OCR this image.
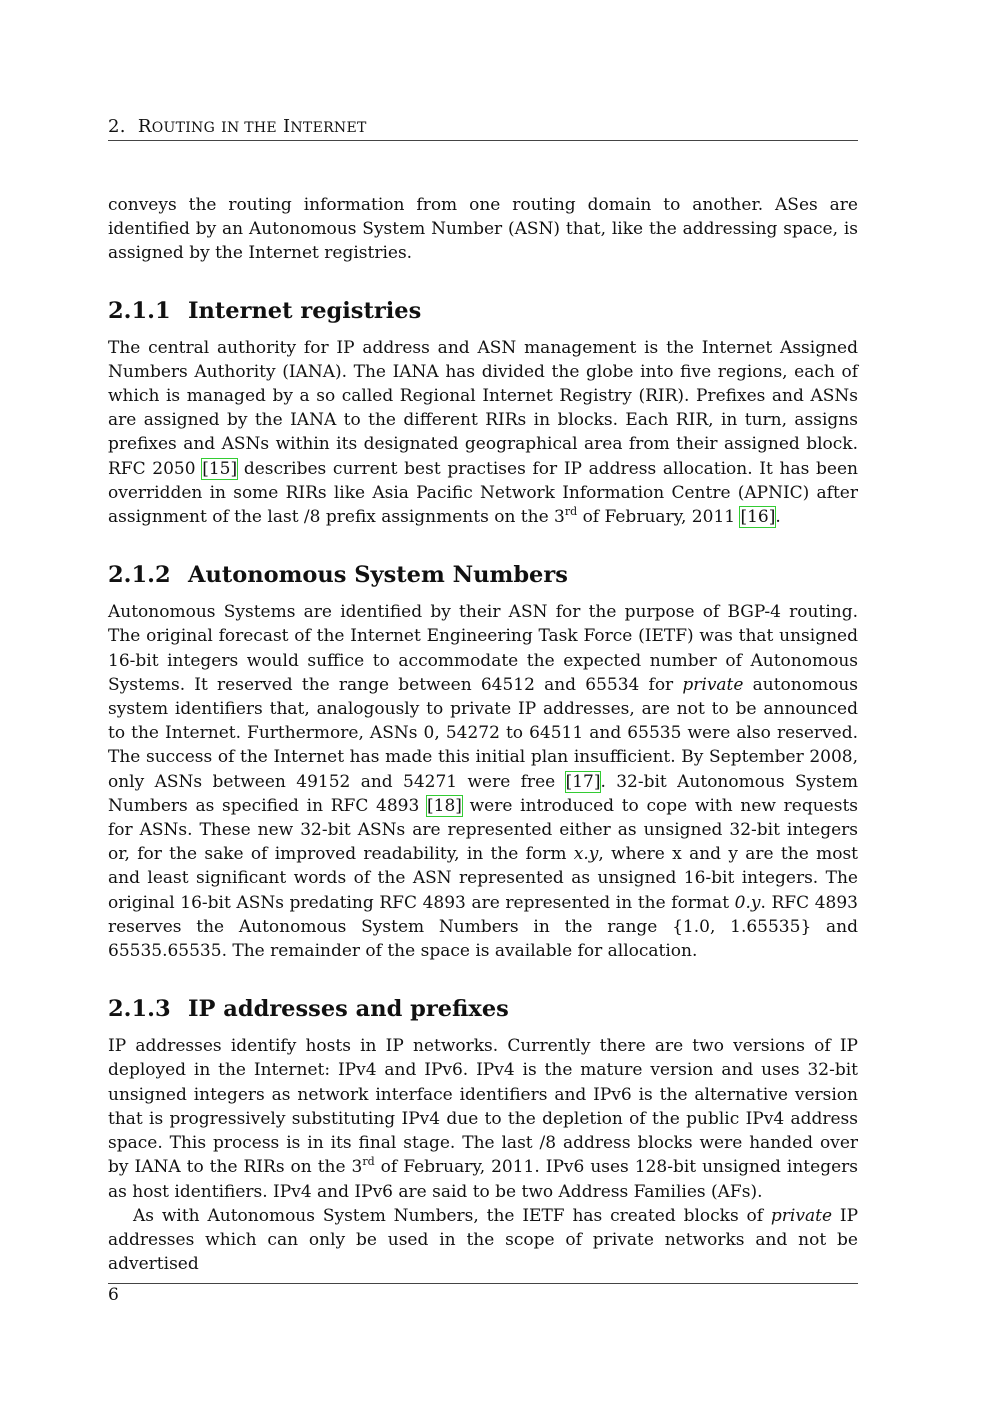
2. ROUTING IN THE INTERNET

conveys the routing information from one routing domain to another. ASes are identified by an Autonomous System Number (ASN) that, like the addressing space, is assigned by the Internet registries.

2.1.1 Internet registries

The central authority for IP address and ASN management is the Internet Assigned Numbers Authority (IANA). The IANA has divided the globe into five regions, each of which is managed by a so called Regional Internet Registry (RIR). Prefixes and ASNs are assigned by the IANA to the different RIRs in blocks. Each RIR, in turn, assigns prefixes and ASNs within its designated geographical area from their assigned block. RFC 2050 [15] describes current best practises for IP address allocation. It has been overridden in some RIRs like Asia Pacific Network Information Centre (APNIC) after assignment of the last /8 prefix assignments on the 3rd of February, 2011 [16].

2.1.2 Autonomous System Numbers

Autonomous Systems are identified by their ASN for the purpose of BGP-4 routing. The original forecast of the Internet Engineering Task Force (IETF) was that unsigned 16-bit integers would suffice to accommodate the expected number of Autonomous Systems. It reserved the range between 64512 and 65534 for private autonomous system identifiers that, analogously to private IP addresses, are not to be announced to the Internet. Furthermore, ASNs 0, 54272 to 64511 and 65535 were also reserved. The success of the Internet has made this initial plan insufficient. By September 2008, only ASNs between 49152 and 54271 were free [17]. 32-bit Autonomous System Numbers as specified in RFC 4893 [18] were introduced to cope with new requests for ASNs. These new 32-bit ASNs are represented either as unsigned 32-bit integers or, for the sake of improved readability, in the form x.y, where x and y are the most and least significant words of the ASN represented as unsigned 16-bit integers. The original 16-bit ASNs predating RFC 4893 are represented in the format 0.y. RFC 4893 reserves the Autonomous System Numbers in the range {1.0, 1.65535} and 65535.65535. The remainder of the space is available for allocation.

2.1.3 IP addresses and prefixes

IP addresses identify hosts in IP networks. Currently there are two versions of IP deployed in the Internet: IPv4 and IPv6. IPv4 is the mature version and uses 32-bit unsigned integers as network interface identifiers and IPv6 is the alternative version that is progressively substituting IPv4 due to the depletion of the public IPv4 address space. This process is in its final stage. The last /8 address blocks were handed over by IANA to the RIRs on the 3rd of February, 2011. IPv6 uses 128-bit unsigned integers as host identifiers. IPv4 and IPv6 are said to be two Address Families (AFs).

As with Autonomous System Numbers, the IETF has created blocks of private IP addresses which can only be used in the scope of private networks and not be advertised

6
